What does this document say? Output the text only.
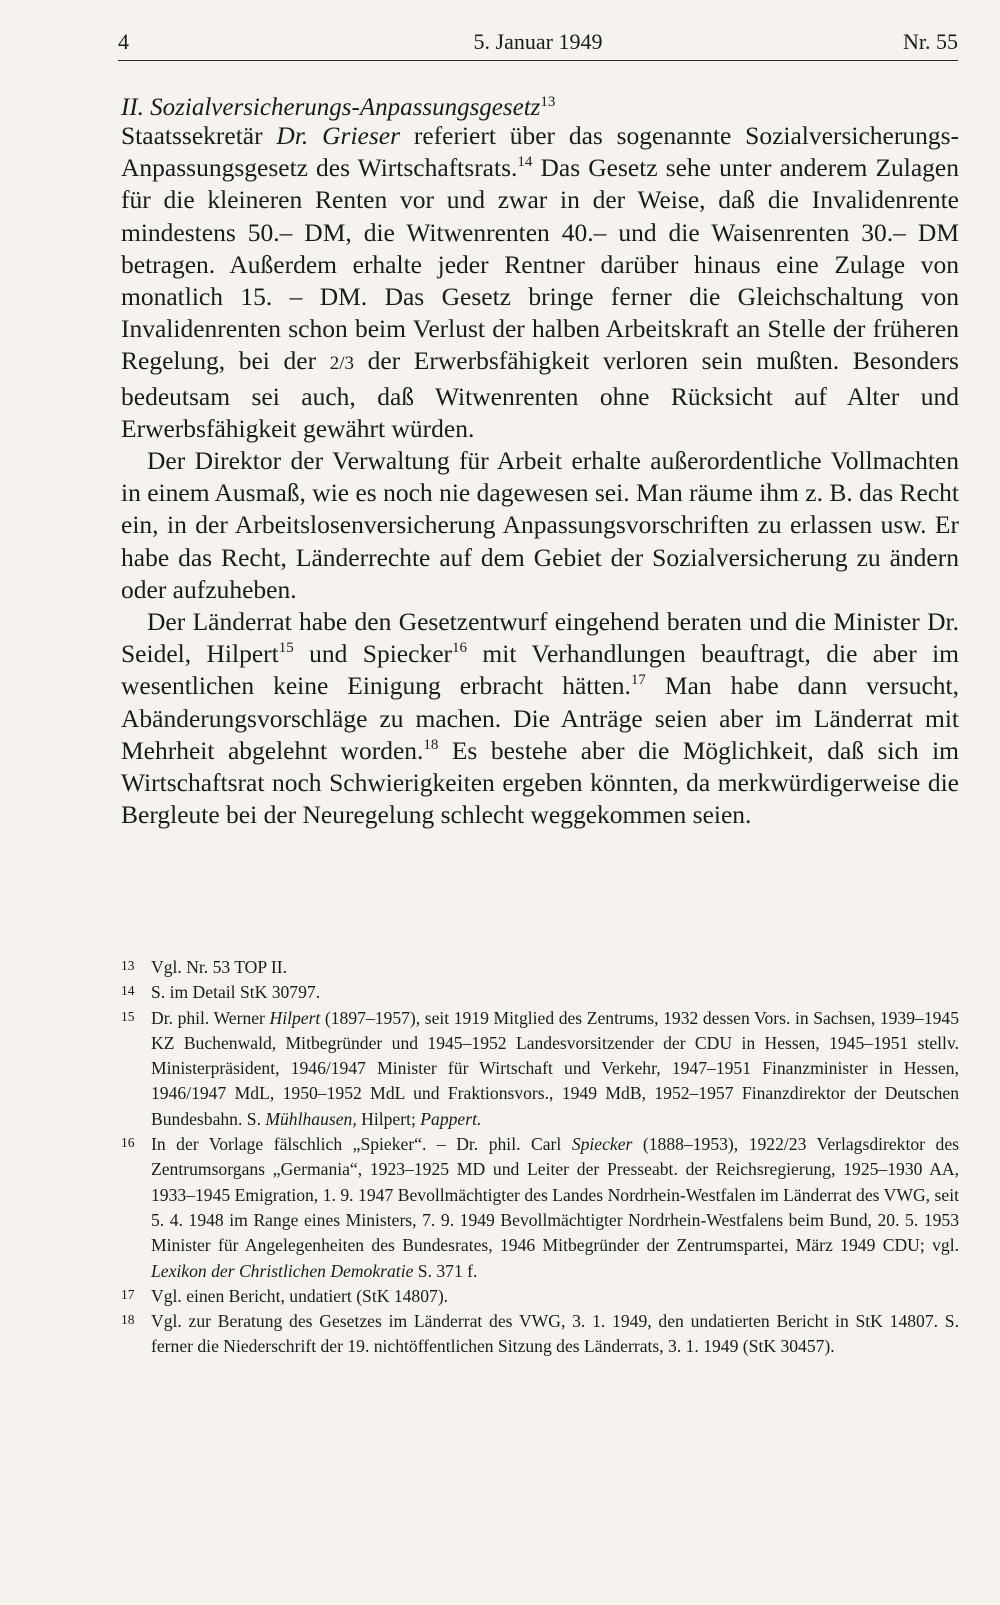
4	5. Januar 1949	Nr. 55
II. Sozialversicherungs-Anpassungsgesetz$^{13}$

Staatssekretär Dr. Grieser referiert über das sogenannte Sozialversicherungs-Anpassungsgesetz des Wirtschaftsrats.$^{14}$ Das Gesetz sehe unter anderem Zulagen für die kleineren Renten vor und zwar in der Weise, daß die Invalidenrente mindestens 50.– DM, die Witwenrenten 40.– und die Waisenrenten 30.– DM betragen. Außerdem erhalte jeder Rentner darüber hinaus eine Zulage von monatlich 15. – DM. Das Gesetz bringe ferner die Gleichschaltung von Invalidenrenten schon beim Verlust der halben Arbeitskraft an Stelle der früheren Regelung, bei der 2/3 der Erwerbsfähigkeit verloren sein mußten. Besonders bedeutsam sei auch, daß Witwenrenten ohne Rücksicht auf Alter und Erwerbsfähigkeit gewährt würden.

Der Direktor der Verwaltung für Arbeit erhalte außerordentliche Vollmachten in einem Ausmaß, wie es noch nie dagewesen sei. Man räume ihm z. B. das Recht ein, in der Arbeitslosenversicherung Anpassungsvorschriften zu erlassen usw. Er habe das Recht, Länderrechte auf dem Gebiet der Sozialversicherung zu ändern oder aufzuheben.

Der Länderrat habe den Gesetzentwurf eingehend beraten und die Minister Dr. Seidel, Hilpert$^{15}$ und Spiecker$^{16}$ mit Verhandlungen beauftragt, die aber im wesentlichen keine Einigung erbracht hätten.$^{17}$ Man habe dann versucht, Abänderungsvorschläge zu machen. Die Anträge seien aber im Länderrat mit Mehrheit abgelehnt worden.$^{18}$ Es bestehe aber die Möglichkeit, daß sich im Wirtschaftsrat noch Schwierigkeiten ergeben könnten, da merkwürdigerweise die Bergleute bei der Neuregelung schlecht weggekommen seien.

13 Vgl. Nr. 53 TOP II.

14 S. im Detail StK 30797.

15 Dr. phil. Werner Hilpert (1897–1957), seit 1919 Mitglied des Zentrums, 1932 dessen Vors. in Sachsen, 1939–1945 KZ Buchenwald, Mitbegründer und 1945–1952 Landesvorsitzender der CDU in Hessen, 1945–1951 stellv. Ministerpräsident, 1946/1947 Minister für Wirtschaft und Verkehr, 1947–1951 Finanzminister in Hessen, 1946/1947 MdL, 1950–1952 MdL und Fraktionsvors., 1949 MdB, 1952–1957 Finanzdirektor der Deutschen Bundesbahn. S. Mühlhausen, Hilpert; Pappert.

16 In der Vorlage fälschlich „Spieker“. – Dr. phil. Carl Spiecker (1888–1953), 1922/23 Verlagsdirektor des Zentrumsorgans „Germania“, 1923–1925 MD und Leiter der Presseabt. der Reichsregierung, 1925–1930 AA, 1933–1945 Emigration, 1. 9. 1947 Bevollmächtigter des Landes Nordrhein-Westfalen im Länderrat des VWG, seit 5. 4. 1948 im Range eines Ministers, 7. 9. 1949 Bevollmächtigter Nordrhein-Westfalens beim Bund, 20. 5. 1953 Minister für Angelegenheiten des Bundesrates, 1946 Mitbegründer der Zentrumspartei, März 1949 CDU; vgl. Lexikon der Christlichen Demokratie S. 371 f.

17 Vgl. einen Bericht, undatiert (StK 14807).

18 Vgl. zur Beratung des Gesetzes im Länderrat des VWG, 3. 1. 1949, den undatierten Bericht in StK 14807. S. ferner die Niederschrift der 19. nichtöffentlichen Sitzung des Länderrats, 3. 1. 1949 (StK 30457).
